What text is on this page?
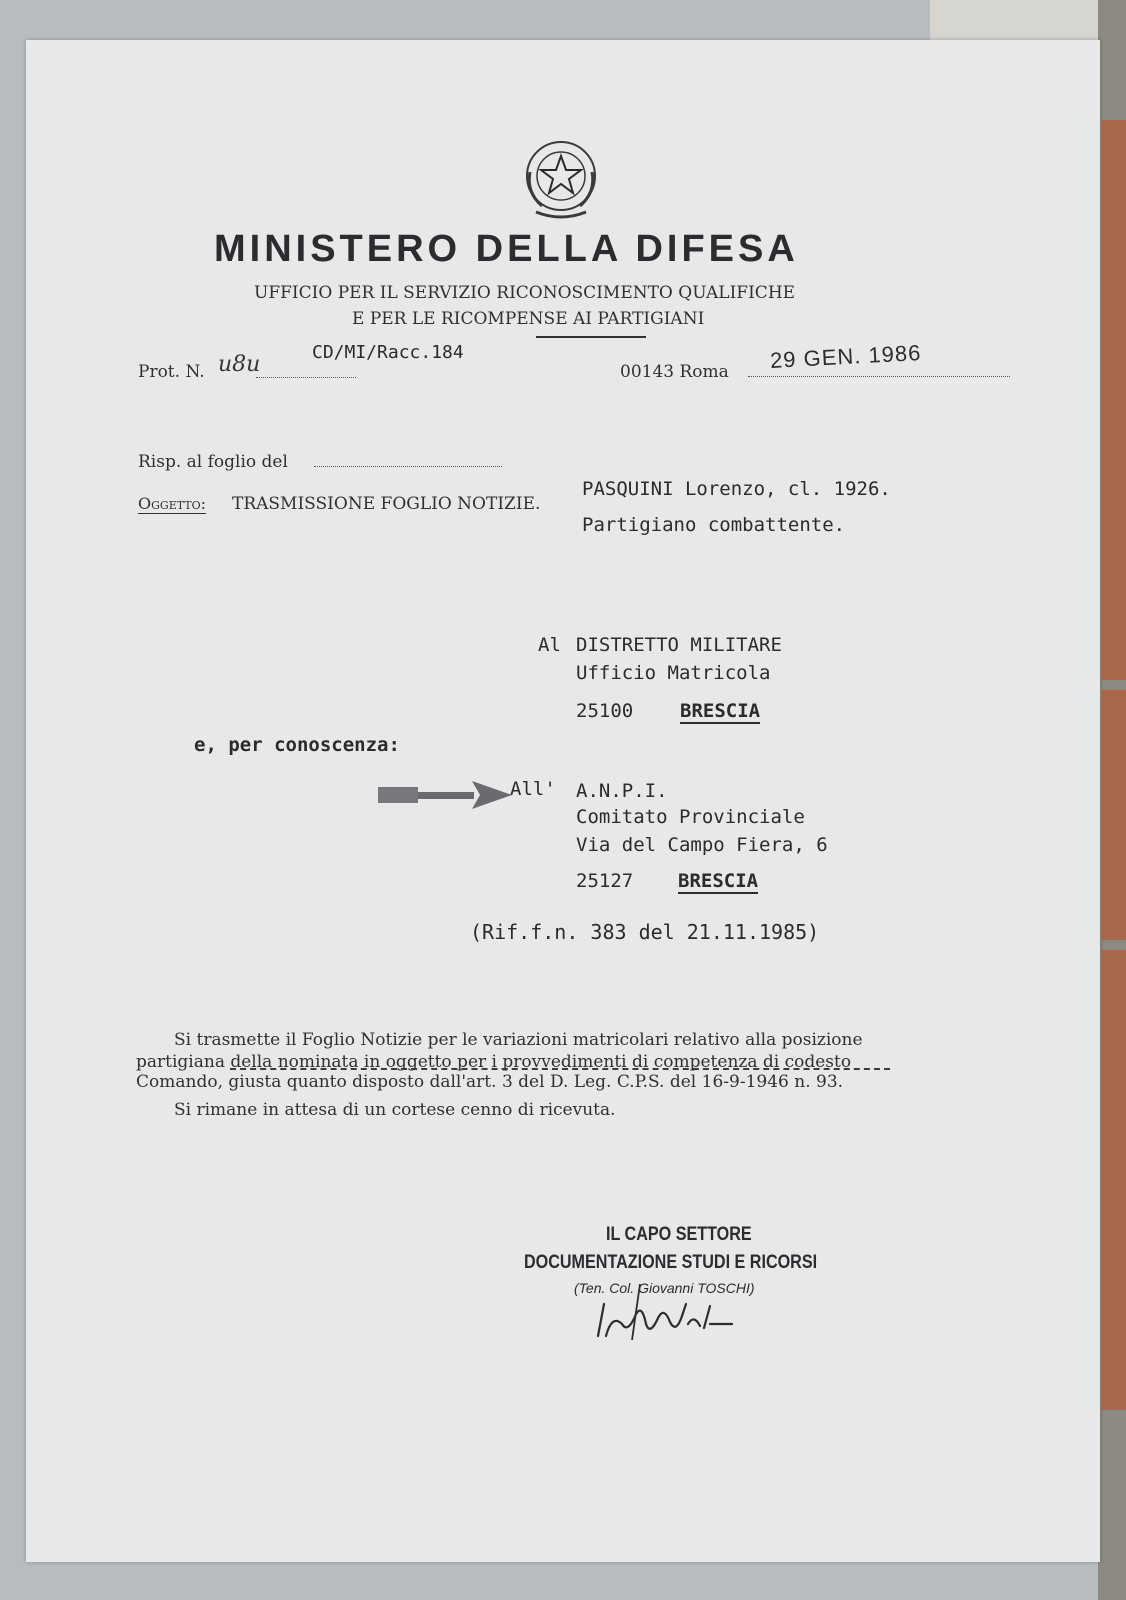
MINISTERO DELLA DIFESA
UFFICIO PER IL SERVIZIO RICONOSCIMENTO QUALIFICHE
E PER LE RICOMPENSE AI PARTIGIANI
Prot. N. u8u	CD/MI/Racc.184
00143 Roma 29 GEN. 1986
Risp. al foglio del
Oggetto: TRASMISSIONE FOGLIO NOTIZIE.
PASQUINI Lorenzo, cl. 1926.
Partigiano combattente.
Al DISTRETTO MILITARE
Ufficio Matricola
25100 BRESCIA
e, per conoscenza:
All' A.N.P.I.
Comitato Provinciale
Via del Campo Fiera, 6
25127 BRESCIA
(Rif.f.n. 383 del 21.11.1985)
Si trasmette il Foglio Notizie per le variazioni matricolari relativo alla posizione
partigiana della nominata in oggetto per i provvedimenti di competenza di codesto
Comando, giusta quanto disposto dall'art. 3 del D. Leg. C.P.S. del 16-9-1946 n. 93.
Si rimane in attesa di un cortese cenno di ricevuta.
IL CAPO SETTORE
DOCUMENTAZIONE STUDI E RICORSI
(Ten. Col. Giovanni TOSCHI)
